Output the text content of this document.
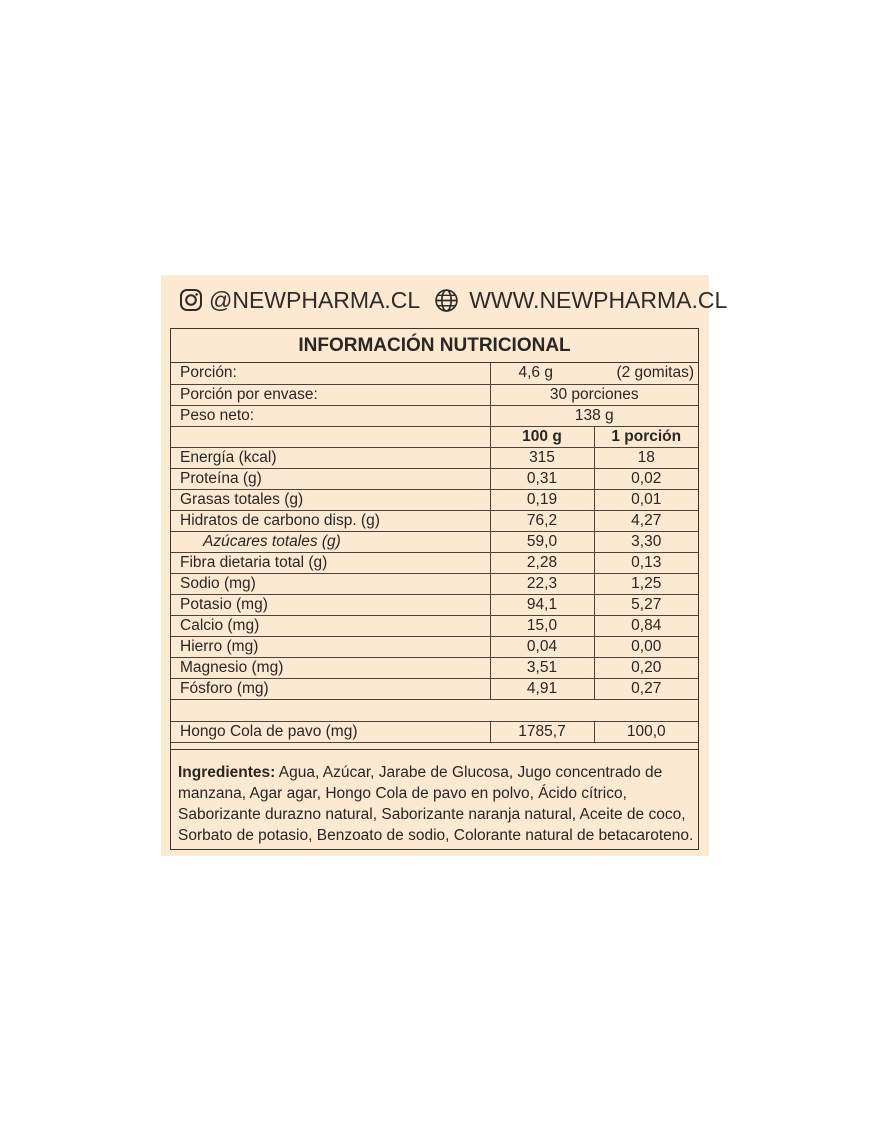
@NEWPHARMA.CL WWW.NEWPHARMA.CL
INFORMACIÓN NUTRICIONAL
Porción:	4,6 g (2 gomitas)	

Porción por envase:	30 porciones	
Peso neto:	138 g	
	100 g	1 porción
Energía (kcal)	315	18
Proteína (g)	0,31	0,02
Grasas totales (g)	0,19	0,01
Hidratos de carbono disp. (g)	76,2	4,27
Azúcares totales (g)	59,0	3,30
Fibra dietaria total (g)	2,28	0,13
Sodio (mg)	22,3	1,25
Potasio (mg)	94,1	5,27
Calcio (mg)	15,0	0,84
Hierro (mg)	0,04	0,00
Magnesio (mg)	3,51	0,20
Fósforo (mg)	4,91	0,27

Hongo Cola de pavo (mg)	1785,7	100,0
Ingredientes: Agua, Azúcar, Jarabe de Glucosa, Jugo concentrado de manzana, Agar agar, Hongo Cola de pavo en polvo, Ácido cítrico, Saborizante durazno natural, Saborizante naranja natural, Aceite de coco, Sorbato de potasio, Benzoato de sodio, Colorante natural de betacaroteno.
